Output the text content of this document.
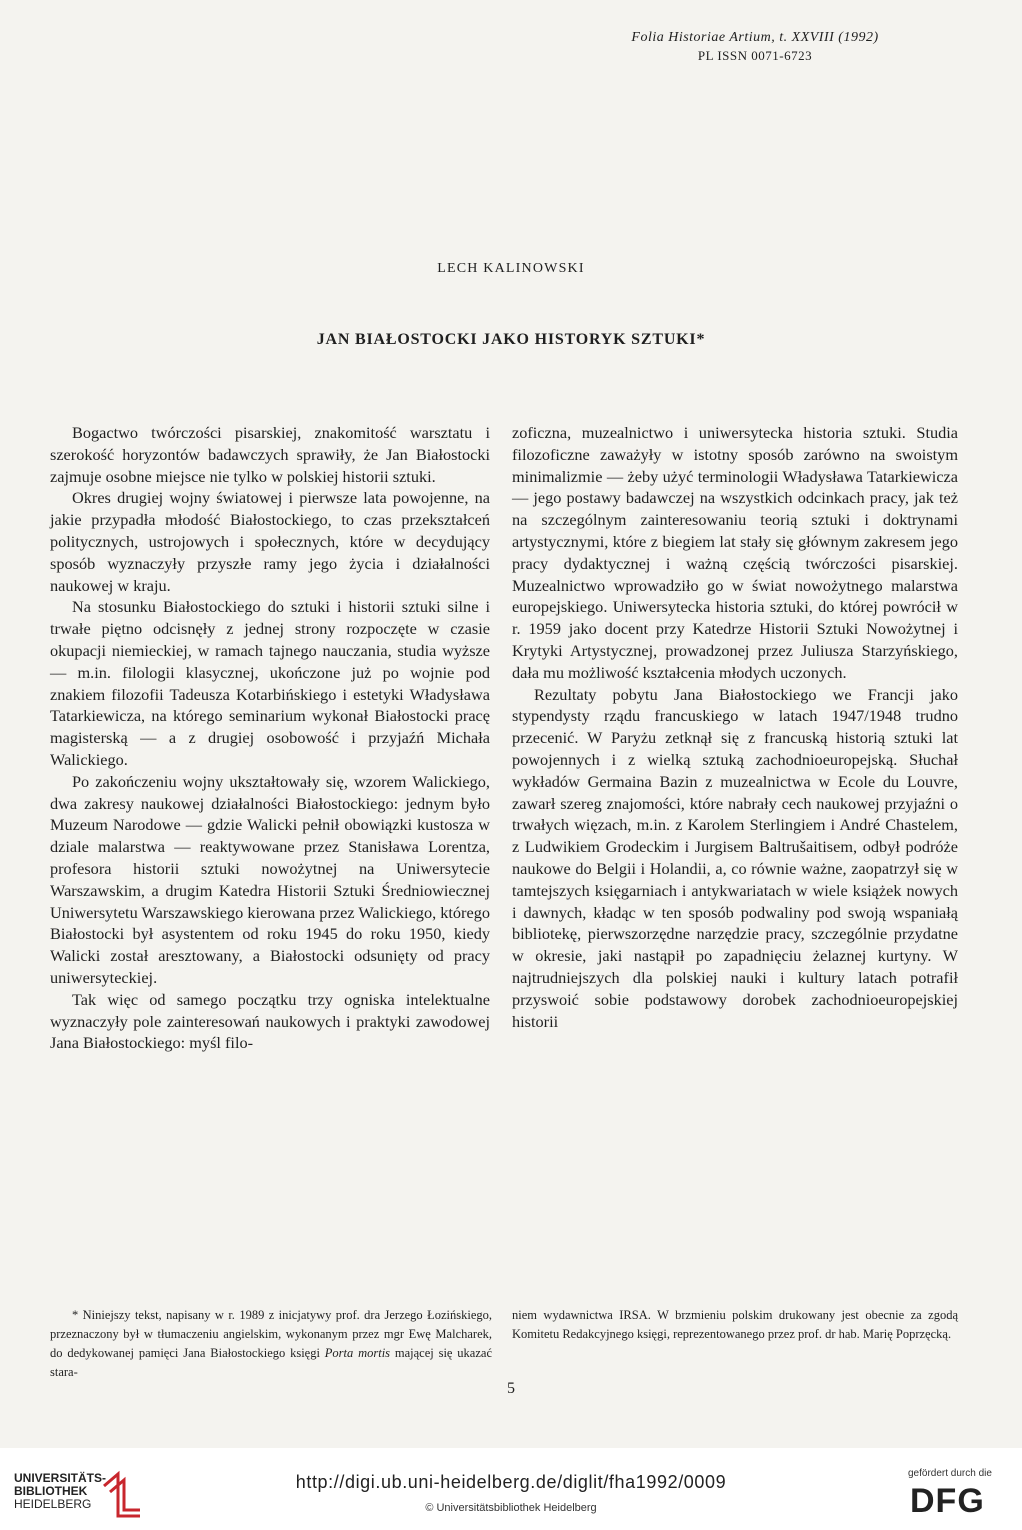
Folia Historiae Artium, t. XXVIII (1992)
PL ISSN 0071-6723
LECH KALINOWSKI
JAN BIAŁOSTOCKI JAKO HISTORYK SZTUKI*

Bogactwo twórczości pisarskiej, znakomitość warsztatu i szerokość horyzontów badawczych sprawiły, że Jan Białostocki zajmuje osobne miejsce nie tylko w polskiej historii sztuki.

Okres drugiej wojny światowej i pierwsze lata powojenne, na jakie przypadła młodość Białostockiego, to czas przekształceń politycznych, ustrojowych i społecznych, które w decydujący sposób wyznaczyły przyszłe ramy jego życia i działalności naukowej w kraju.

Na stosunku Białostockiego do sztuki i historii sztuki silne i trwałe piętno odcisnęły z jednej strony rozpoczęte w czasie okupacji niemieckiej, w ramach tajnego nauczania, studia wyższe — m.in. filologii klasycznej, ukończone już po wojnie pod znakiem filozofii Tadeusza Kotarbińskiego i estetyki Władysława Tatarkiewicza, na którego seminarium wykonał Białostocki pracę magisterską — a z drugiej osobowość i przyjaźń Michała Walickiego.

Po zakończeniu wojny ukształtowały się, wzorem Walickiego, dwa zakresy naukowej działalności Białostockiego: jednym było Muzeum Narodowe — gdzie Walicki pełnił obowiązki kustosza w dziale malarstwa — reaktywowane przez Stanisława Lorentza, profesora historii sztuki nowożytnej na Uniwersytecie Warszawskim, a drugim Katedra Historii Sztuki Średniowiecznej Uniwersytetu Warszawskiego kierowana przez Walickiego, którego Białostocki był asystentem od roku 1945 do roku 1950, kiedy Walicki został aresztowany, a Białostocki odsunięty od pracy uniwersyteckiej.

Tak więc od samego początku trzy ogniska intelektualne wyznaczyły pole zainteresowań naukowych i praktyki zawodowej Jana Białostockiego: myśl filo-

zoficzna, muzealnictwo i uniwersytecka historia sztuki. Studia filozoficzne zaważyły w istotny sposób zarówno na swoistym minimalizmie — żeby użyć terminologii Władysława Tatarkiewicza — jego postawy badawczej na wszystkich odcinkach pracy, jak też na szczególnym zainteresowaniu teorią sztuki i doktrynami artystycznymi, które z biegiem lat stały się głównym zakresem jego pracy dydaktycznej i ważną częścią twórczości pisarskiej. Muzealnictwo wprowadziło go w świat nowożytnego malarstwa europejskiego. Uniwersytecka historia sztuki, do której powrócił w r. 1959 jako docent przy Katedrze Historii Sztuki Nowożytnej i Krytyki Artystycznej, prowadzonej przez Juliusza Starzyńskiego, dała mu możliwość kształcenia młodych uczonych.

Rezultaty pobytu Jana Białostockiego we Francji jako stypendysty rządu francuskiego w latach 1947/1948 trudno przecenić. W Paryżu zetknął się z francuską historią sztuki lat powojennych i z wielką sztuką zachodnioeuropejską. Słuchał wykładów Germaina Bazin z muzealnictwa w Ecole du Louvre, zawarł szereg znajomości, które nabrały cech naukowej przyjaźni o trwałych więzach, m.in. z Karolem Sterlingiem i André Chastelem, z Ludwikiem Grodeckim i Jurgisem Baltrušaitisem, odbył podróże naukowe do Belgii i Holandii, a, co równie ważne, zaopatrzył się w tamtejszych księgarniach i antykwariatach w wiele książek nowych i dawnych, kładąc w ten sposób podwaliny pod swoją wspaniałą bibliotekę, pierwszorzędne narzędzie pracy, szczególnie przydatne w okresie, jaki nastąpił po zapadnięciu żelaznej kurtyny. W najtrudniejszych dla polskiej nauki i kultury latach potrafił przyswoić sobie podstawowy dorobek zachodnioeuropejskiej historii

* Niniejszy tekst, napisany w r. 1989 z inicjatywy prof. dra Jerzego Łozińskiego, przeznaczony był w tłumaczeniu angielskim, wykonanym przez mgr Ewę Malcharek, do dedykowanej pamięci Jana Białostockiego księgi Porta mortis mającej się ukazać stara-

niem wydawnictwa IRSA. W brzmieniu polskim drukowany jest obecnie za zgodą Komitetu Redakcyjnego księgi, reprezentowanego przez prof. dr hab. Marię Poprzęcką.

5
UNIVERSITÄTS-
BIBLIOTHEK
HEIDELBERG
http://digi.ub.uni-heidelberg.de/diglit/fha1992/0009
© Universitätsbibliothek Heidelberg
gefördert durch die
DFG
